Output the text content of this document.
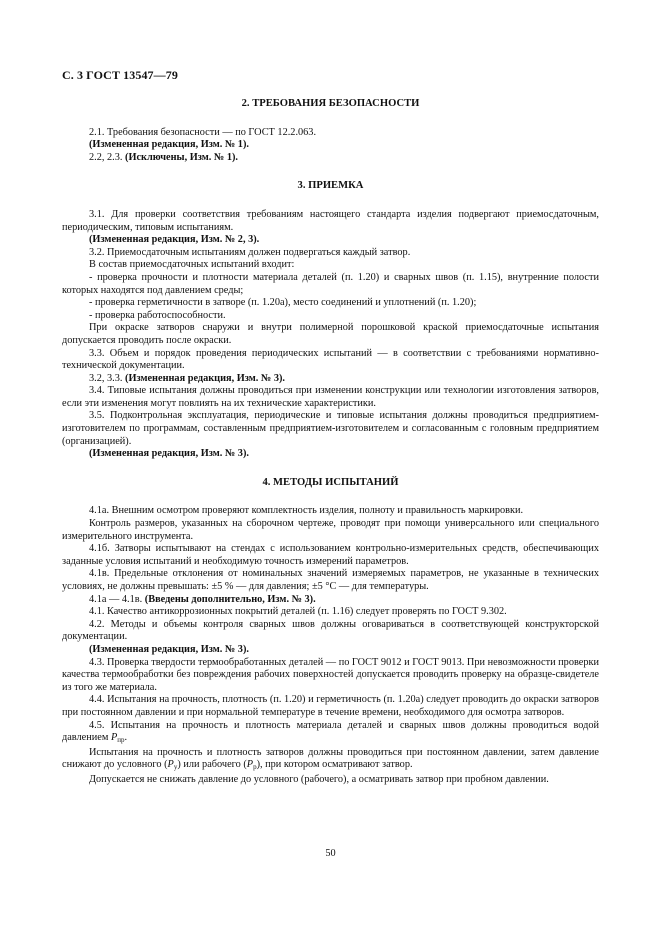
С. 3 ГОСТ 13547—79

2. ТРЕБОВАНИЯ БЕЗОПАСНОСТИ

2.1. Требования безопасности — по ГОСТ 12.2.063.

(Измененная редакция, Изм. № 1).

2.2, 2.3. (Исключены, Изм. № 1).

3. ПРИЕМКА

3.1. Для проверки соответствия требованиям настоящего стандарта изделия подвергают приемосдаточным, периодическим, типовым испытаниям.

(Измененная редакция, Изм. № 2, 3).

3.2. Приемосдаточным испытаниям должен подвергаться каждый затвор.

В состав приемосдаточных испытаний входит:

- проверка прочности и плотности материала деталей (п. 1.20) и сварных швов (п. 1.15), внутренние полости которых находятся под давлением среды;

- проверка герметичности в затворе (п. 1.20а), место соединений и уплотнений (п. 1.20);

- проверка работоспособности.

При окраске затворов снаружи и внутри полимерной порошковой краской приемосдаточные испытания допускается проводить после окраски.

3.3. Объем и порядок проведения периодических испытаний — в соответствии с требованиями нормативно-технической документации.

3.2, 3.3. (Измененная редакция, Изм. № 3).

3.4. Типовые испытания должны проводиться при изменении конструкции или технологии изготовления затворов, если эти изменения могут повлиять на их технические характеристики.

3.5. Подконтрольная эксплуатация, периодические и типовые испытания должны проводиться предприятием-изготовителем по программам, составленным предприятием-изготовителем и согласованным с головным предприятием (организацией).

(Измененная редакция, Изм. № 3).

4. МЕТОДЫ ИСПЫТАНИЙ

4.1а. Внешним осмотром проверяют комплектность изделия, полноту и правильность маркировки.

Контроль размеров, указанных на сборочном чертеже, проводят при помощи универсального или специального измерительного инструмента.

4.1б. Затворы испытывают на стендах с использованием контрольно-измерительных средств, обеспечивающих заданные условия испытаний и необходимую точность измерений параметров.

4.1в. Предельные отклонения от номинальных значений измеряемых параметров, не указанные в технических условиях, не должны превышать: ±5 % — для давления; ±5 °С — для температуры.

4.1а — 4.1в. (Введены дополнительно, Изм. № 3).

4.1. Качество антикоррозионных покрытий деталей (п. 1.16) следует проверять по ГОСТ 9.302.

4.2. Методы и объемы контроля сварных швов должны оговариваться в соответствующей конструкторской документации.

(Измененная редакция, Изм. № 3).

4.3. Проверка твердости термообработанных деталей — по ГОСТ 9012 и ГОСТ 9013. При невозможности проверки качества термообработки без повреждения рабочих поверхностей допускается проводить проверку на образце-свидетеле из того же материала.

4.4. Испытания на прочность, плотность (п. 1.20) и герметичность (п. 1.20а) следует проводить до окраски затворов при постоянном давлении и при нормальной температуре в течение времени, необходимого для осмотра затворов.

4.5. Испытания на прочность и плотность материала деталей и сварных швов должны проводиться водой давлением $Р_{пр}$.

Испытания на прочность и плотность затворов должны проводиться при постоянном давлении, затем давление снижают до условного $(Р_у)$ или рабочего $(Р_р)$, при котором осматривают затвор.

Допускается не снижать давление до условного (рабочего), а осматривать затвор при пробном давлении.

50
